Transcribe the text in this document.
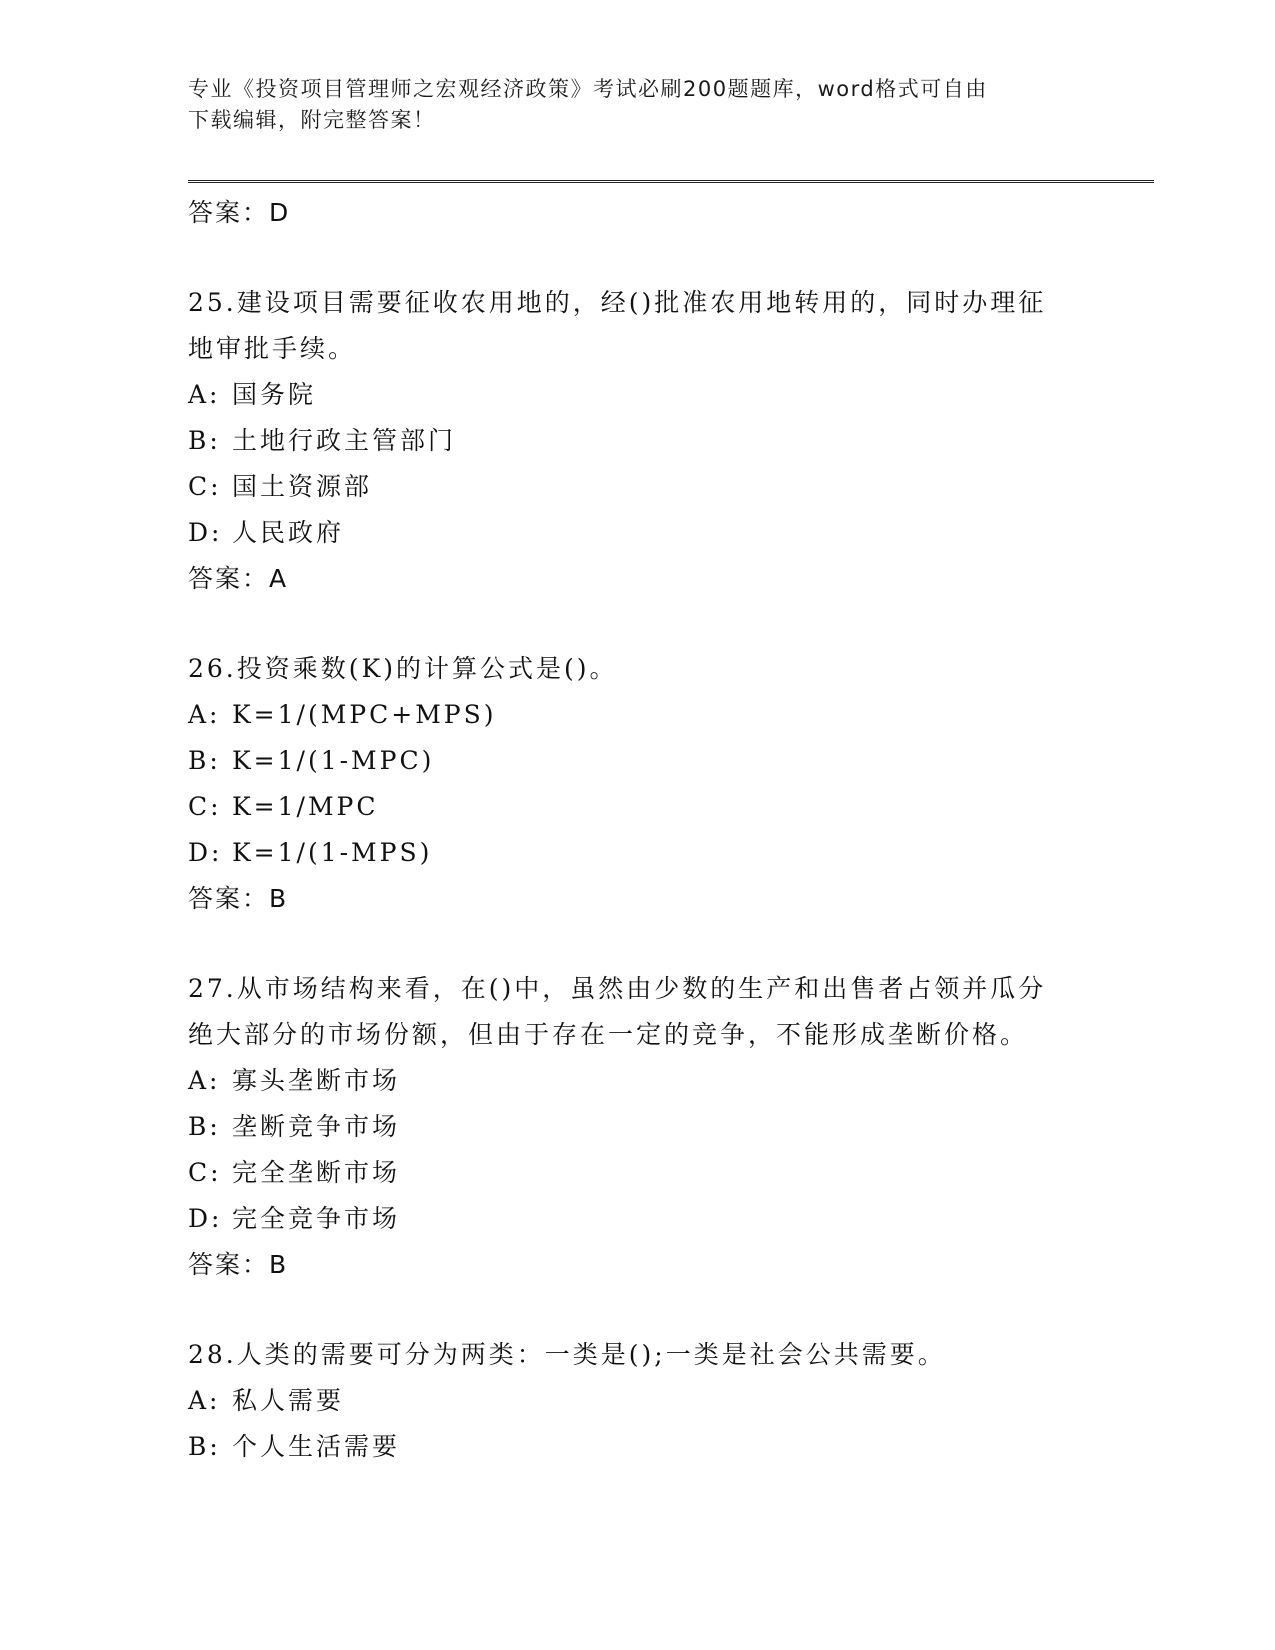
专业《投资项目管理师之宏观经济政策》考试必刷200题题库，word格式可自由
下载编辑，附完整答案！
答案：D
25.建设项目需要征收农用地的，经()批准农用地转用的，同时办理征
地审批手续。
A: 国务院
B: 土地行政主管部门
C: 国土资源部
D: 人民政府
答案：A
26.投资乘数(K)的计算公式是()。
A: K=1/(MPC+MPS)
B: K=1/(1-MPC)
C: K=1/MPC
D: K=1/(1-MPS)
答案：B
27.从市场结构来看，在()中，虽然由少数的生产和出售者占领并瓜分
绝大部分的市场份额，但由于存在一定的竞争，不能形成垄断价格。
A: 寡头垄断市场
B: 垄断竞争市场
C: 完全垄断市场
D: 完全竞争市场
答案：B
28.人类的需要可分为两类：一类是();一类是社会公共需要。
A: 私人需要
B: 个人生活需要
